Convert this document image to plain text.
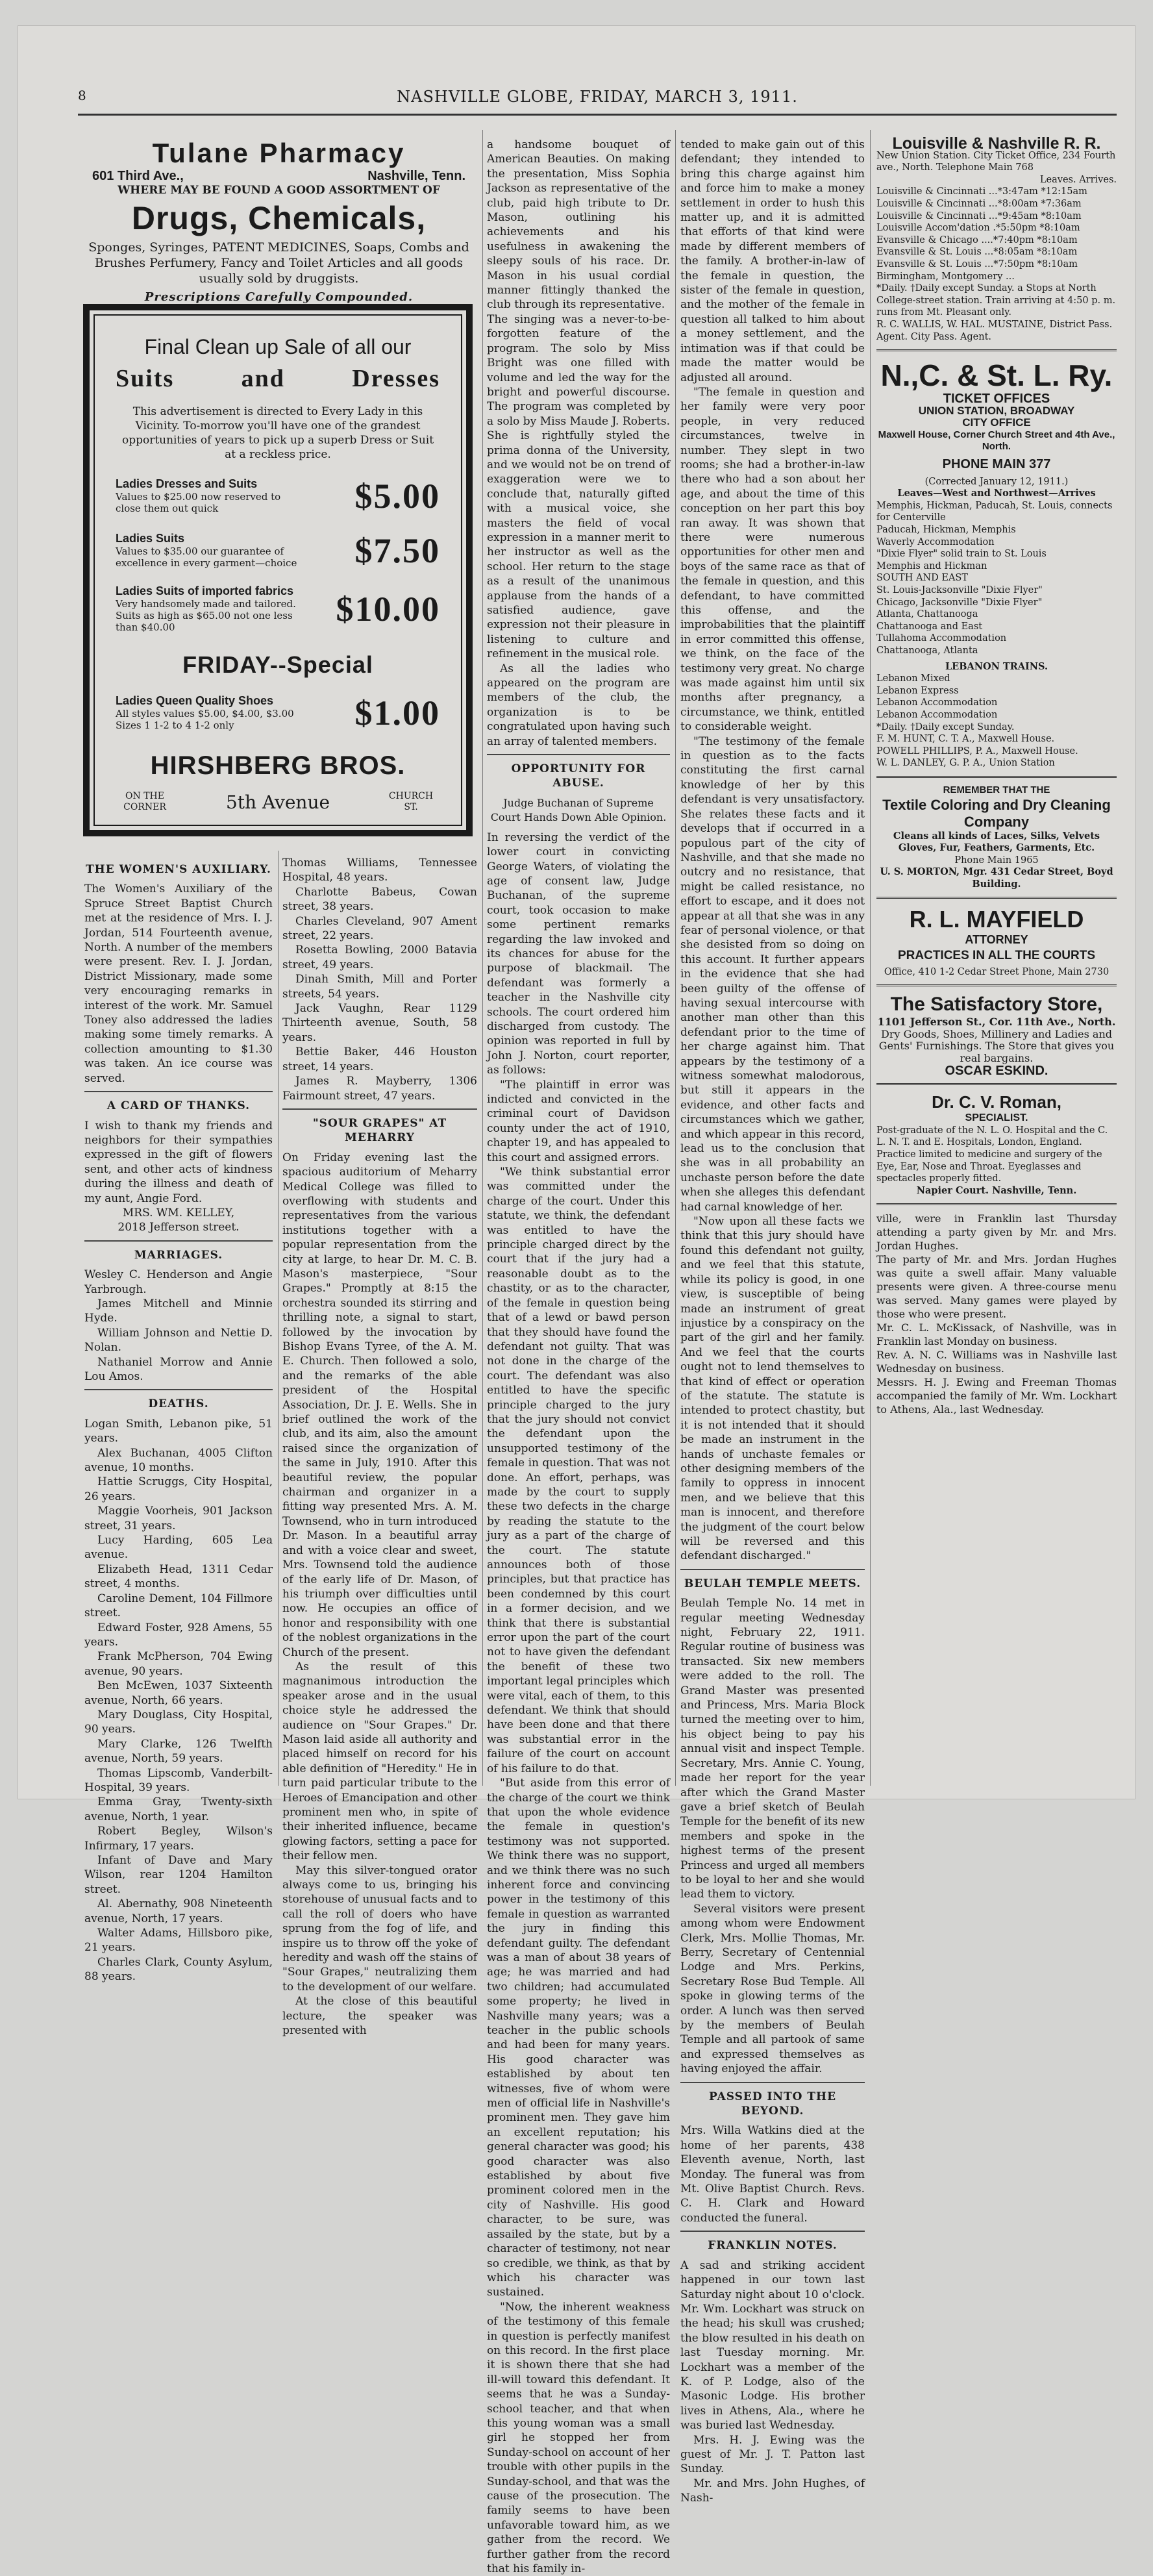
8	NASHVILLE GLOBE, FRIDAY, MARCH 3, 1911.
Tulane Pharmacy
601 Third Ave.,	Nashville, Tenn.
WHERE MAY BE FOUND A GOOD ASSORTMENT OF
Drugs, Chemicals,
Sponges, Syringes, PATENT MEDICINES, Soaps, Combs and Brushes Perfumery, Fancy and Toilet Articles and all goods usually sold by druggists.
Prescriptions Carefully Compounded.
Final Clean up Sale of all our
Suits	and	Dresses
This advertisement is directed to Every Lady in this Vicinity. To-morrow you'll have one of the grandest opportunities of years to pick up a superb Dress or Suit at a reckless price.
Ladies Dresses and Suits
Values to $25.00 now reserved to close them out quick	$5.00
Ladies Suits
Values to $35.00 our guarantee of excellence in every garment—choice $7.50
Ladies Suits of imported fabrics
Very handsomely made and tailored. Suits as high as $65.00 not one less than $40.00	$10.00
FRIDAY--Special
Ladies Queen Quality Shoes
All styles values $5.00, $4.00, $3.00 Sizes 1 1-2 to 4 1-2 only	$1.00
HIRSHBERG BROS.
ON THE CORNER	5th Avenue	CHURCH ST.
THE WOMEN'S AUXILIARY.

The Women's Auxiliary of the Spruce Street Baptist Church met at the residence of Mrs. I. J. Jordan, 514 Fourteenth avenue, North. A number of the members were present. Rev. I. J. Jordan, District Missionary, made some very encouraging remarks in interest of the work. Mr. Samuel Toney also addressed the ladies making some timely remarks. A collection amounting to $1.30 was taken. An ice course was served.

A CARD OF THANKS.

I wish to thank my friends and neighbors for their sympathies expressed in the gift of flowers sent, and other acts of kindness during the illness and death of my aunt, Angie Ford.

MRS. WM. KELLEY,
2018 Jefferson street.
MARRIAGES.

Wesley C. Henderson and Angie Yarbrough.

James Mitchell and Minnie Hyde.

William Johnson and Nettie D. Nolan.

Nathaniel Morrow and Annie Lou Amos.

DEATHS.

Logan Smith, Lebanon pike, 51 years.

Alex Buchanan, 4005 Clifton avenue, 10 months.

Hattie Scruggs, City Hospital, 26 years.

Maggie Voorheis, 901 Jackson street, 31 years.

Lucy Harding, 605 Lea avenue.

Elizabeth Head, 1311 Cedar street, 4 months.

Caroline Dement, 104 Fillmore street.

Edward Foster, 928 Amens, 55 years.

Frank McPherson, 704 Ewing avenue, 90 years.

Ben McEwen, 1037 Sixteenth avenue, North, 66 years.

Mary Douglass, City Hospital, 90 years.

Mary Clarke, 126 Twelfth avenue, North, 59 years.

Thomas Lipscomb, Vanderbilt-Hospital, 39 years.

Emma Gray, Twenty-sixth avenue, North, 1 year.

Robert Begley, Wilson's Infirmary, 17 years.

Infant of Dave and Mary Wilson, rear 1204 Hamilton street.

Al. Abernathy, 908 Nineteenth avenue, North, 17 years.

Walter Adams, Hillsboro pike, 21 years.

Charles Clark, County Asylum, 88 years.

Thomas Williams, Tennessee Hospital, 48 years.

Charlotte Babeus, Cowan street, 38 years.

Charles Cleveland, 907 Ament street, 22 years.

Rosetta Bowling, 2000 Batavia street, 49 years.

Dinah Smith, Mill and Porter streets, 54 years.

Jack Vaughn, Rear 1129 Thirteenth avenue, South, 58 years.

Bettie Baker, 446 Houston street, 14 years.

James R. Mayberry, 1306 Fairmount street, 47 years.

"SOUR GRAPES" AT MEHARRY

On Friday evening last the spacious auditorium of Meharry Medical College was filled to overflowing with students and representatives from the various institutions together with a popular representation from the city at large, to hear Dr. M. C. B. Mason's masterpiece, "Sour Grapes." Promptly at 8:15 the orchestra sounded its stirring and thrilling note, a signal to start, followed by the invocation by Bishop Evans Tyree, of the A. M. E. Church. Then followed a solo, and the remarks of the able president of the Hospital Association, Dr. J. E. Wells. She in brief outlined the work of the club, and its aim, also the amount raised since the organization of the same in July, 1910. After this beautiful review, the popular chairman and organizer in a fitting way presented Mrs. A. M. Townsend, who in turn introduced Dr. Mason. In a beautiful array and with a voice clear and sweet, Mrs. Townsend told the audience of the early life of Dr. Mason, of his triumph over difficulties until now. He occupies an office of honor and responsibility with one of the noblest organizations in the Church of the present.

As the result of this magnanimous introduction the speaker arose and in the usual choice style he addressed the audience on "Sour Grapes." Dr. Mason laid aside all authority and placed himself on record for his able definition of "Heredity." He in turn paid particular tribute to the Heroes of Emancipation and other prominent men who, in spite of their inherited influence, became glowing factors, setting a pace for their fellow men.

May this silver-tongued orator always come to us, bringing his storehouse of unusual facts and to call the roll of doers who have sprung from the fog of life, and inspire us to throw off the yoke of heredity and wash off the stains of "Sour Grapes," neutralizing them to the development of our welfare.

At the close of this beautiful lecture, the speaker was presented with

a handsome bouquet of American Beauties. On making the presentation, Miss Sophia Jackson as representative of the club, paid high tribute to Dr. Mason, outlining his achievements and his usefulness in awakening the sleepy souls of his race. Dr. Mason in his usual cordial manner fittingly thanked the club through its representative.

The singing was a never-to-be-forgotten feature of the program. The solo by Miss Bright was one filled with volume and led the way for the bright and powerful discourse. The program was completed by a solo by Miss Maude J. Roberts. She is rightfully styled the prima donna of the University, and we would not be on trend of exaggeration were we to conclude that, naturally gifted with a musical voice, she masters the field of vocal expression in a manner merit to her instructor as well as the school. Her return to the stage as a result of the unanimous applause from the hands of a satisfied audience, gave expression not their pleasure in listening to culture and refinement in the musical role.

As all the ladies who appeared on the program are members of the club, the organization is to be congratulated upon having such an array of talented members.

OPPORTUNITY FOR ABUSE.
Judge Buchanan of Supreme Court Hands Down Able Opinion.

In reversing the verdict of the lower court in convicting George Waters, of violating the age of consent law, Judge Buchanan, of the supreme court, took occasion to make some pertinent remarks regarding the law invoked and its chances for abuse for the purpose of blackmail. The defendant was formerly a teacher in the Nashville city schools. The court ordered him discharged from custody. The opinion was reported in full by John J. Norton, court reporter, as follows:

"The plaintiff in error was indicted and convicted in the criminal court of Davidson county under the act of 1910, chapter 19, and has appealed to this court and assigned errors.

"We think substantial error was committed under the charge of the court. Under this statute, we think, the defendant was entitled to have the principle charged direct by the court that if the jury had a reasonable doubt as to the chastity, or as to the character, of the female in question being that of a lewd or bawd person that they should have found the defendant not guilty. That was not done in the charge of the court. The defendant was also entitled to have the specific principle charged to the jury that the jury should not convict the defendant upon the unsupported testimony of the female in question. That was not done. An effort, perhaps, was made by the court to supply these two defects in the charge by reading the statute to the jury as a part of the charge of the court. The statute announces both of those principles, but that practice has been condemned by this court in a former decision, and we think that there is substantial error upon the part of the court not to have given the defendant the benefit of these two important legal principles which were vital, each of them, to this defendant. We think that should have been done and that there was substantial error in the failure of the court on account of his failure to do that.

"But aside from this error of the charge of the court we think that upon the whole evidence the female in question's testimony was not supported. We think there was no support, and we think there was no such inherent force and convincing power in the testimony of this female in question as warranted the jury in finding this defendant guilty. The defendant was a man of about 38 years of age; he was married and had two children; had accumulated some property; he lived in Nashville many years; was a teacher in the public schools and had been for many years. His good character was established by about ten witnesses, five of whom were men of official life in Nashville's prominent men. They gave him an excellent reputation; his general character was good; his good character was also established by about five prominent colored men in the city of Nashville. His good character, to be sure, was assailed by the state, but by a character of testimony, not near so credible, we think, as that by which his character was sustained.

"Now, the inherent weakness of the testimony of this female in question is perfectly manifest on this record. In the first place it is shown there that she had ill-will toward this defendant. It seems that he was a Sunday-school teacher, and that when this young woman was a small girl he stopped her from Sunday-school on account of her trouble with other pupils in the Sunday-school, and that was the cause of the prosecution. The family seems to have been unfavorable toward him, as we gather from the record. We further gather from the record that his family in-

tended to make gain out of this defendant; they intended to bring this charge against him and force him to make a money settlement in order to hush this matter up, and it is admitted that efforts of that kind were made by different members of the family. A brother-in-law of the female in question, the sister of the female in question, and the mother of the female in question all talked to him about a money settlement, and the intimation was if that could be made the matter would be adjusted all around.

"The female in question and her family were very poor people, in very reduced circumstances, twelve in number. They slept in two rooms; she had a brother-in-law there who had a son about her age, and about the time of this conception on her part this boy ran away. It was shown that there were numerous opportunities for other men and boys of the same race as that of the female in question, and this defendant, to have committed this offense, and the improbabilities that the plaintiff in error committed this offense, we think, on the face of the testimony very great. No charge was made against him until six months after pregnancy, a circumstance, we think, entitled to considerable weight.

"The testimony of the female in question as to the facts constituting the first carnal knowledge of her by this defendant is very unsatisfactory. She relates these facts and it develops that if occurred in a populous part of the city of Nashville, and that she made no outcry and no resistance, that might be called resistance, no effort to escape, and it does not appear at all that she was in any fear of personal violence, or that she desisted from so doing on this account. It further appears in the evidence that she had been guilty of the offense of having sexual intercourse with another man other than this defendant prior to the time of her charge against him. That appears by the testimony of a witness somewhat malodorous, but still it appears in the evidence, and other facts and circumstances which we gather, and which appear in this record, lead us to the conclusion that she was in all probability an unchaste person before the date when she alleges this defendant had carnal knowledge of her.

"Now upon all these facts we think that this jury should have found this defendant not guilty, and we feel that this statute, while its policy is good, in one view, is susceptible of being made an instrument of great injustice by a conspiracy on the part of the girl and her family. And we feel that the courts ought not to lend themselves to that kind of effect or operation of the statute. The statute is intended to protect chastity, but it is not intended that it should be made an instrument in the hands of unchaste females or other designing members of the family to oppress in innocent men, and we believe that this man is innocent, and therefore the judgment of the court below will be reversed and this defendant discharged."

BEULAH TEMPLE MEETS.

Beulah Temple No. 14 met in regular meeting Wednesday night, February 22, 1911. Regular routine of business was transacted. Six new members were added to the roll. The Grand Master was presented and Princess, Mrs. Maria Block turned the meeting over to him, his object being to pay his annual visit and inspect Temple. Secretary, Mrs. Annie C. Young, made her report for the year after which the Grand Master gave a brief sketch of Beulah Temple for the benefit of its new members and spoke in the highest terms of the present Princess and urged all members to be loyal to her and she would lead them to victory.

Several visitors were present among whom were Endowment Clerk, Mrs. Mollie Thomas, Mr. Berry, Secretary of Centennial Lodge and Mrs. Perkins, Secretary Rose Bud Temple. All spoke in glowing terms of the order. A lunch was then served by the members of Beulah Temple and all partook of same and expressed themselves as having enjoyed the affair.

PASSED INTO THE BEYOND.

Mrs. Willa Watkins died at the home of her parents, 438 Eleventh avenue, North, last Monday. The funeral was from Mt. Olive Baptist Church. Revs. C. H. Clark and Howard conducted the funeral.

FRANKLIN NOTES.

A sad and striking accident happened in our town last Saturday night about 10 o'clock. Mr. Wm. Lockhart was struck on the head; his skull was crushed; the blow resulted in his death on last Tuesday morning. Mr. Lockhart was a member of the K. of P. Lodge, also of the Masonic Lodge. His brother lives in Athens, Ala., where he was buried last Wednesday.

Mrs. H. J. Ewing was the guest of Mr. J. T. Patton last Sunday.

Mr. and Mrs. John Hughes, of Nash-

Louisville & Nashville R. R.

New Union Station. City Ticket Office, 234 Fourth ave., North. Telephone Main 768

Leaves. Arrives.

Louisville & Cincinnati ...*3:47am *12:15am

Louisville & Cincinnati ...*8:00am *7:36am

Louisville & Cincinnati ...*9:45am *8:10am

Louisville Accom'dation .*5:50pm *8:10am

Evansville & Chicago ....*7:40pm *8:10am

Evansville & St. Louis ...*8:05am *8:10am

Evansville & St. Louis ...*7:50pm *8:10am

Birmingham, Montgomery ...

*Daily. †Daily except Sunday. a Stops at North College-street station. Train arriving at 4:50 p. m. runs from Mt. Pleasant only.

R. C. WALLIS, W. HAL. MUSTAINE, District Pass. Agent. City Pass. Agent.

N.,C. & St. L. Ry.
TICKET OFFICES
UNION STATION, BROADWAY
CITY OFFICE
Maxwell House, Corner Church Street and 4th Ave., North.
PHONE MAIN 377

(Corrected January 12, 1911.)

Leaves—West and Northwest—Arrives

Memphis, Hickman, Paducah, St. Louis, connects for Centerville

Paducah, Hickman, Memphis

Waverly Accommodation

"Dixie Flyer" solid train to St. Louis

Memphis and Hickman

SOUTH AND EAST

St. Louis-Jacksonville "Dixie Flyer"

Chicago, Jacksonville "Dixie Flyer"

Atlanta, Chattanooga

Chattanooga and East

Tullahoma Accommodation

Chattanooga, Atlanta

LEBANON TRAINS.

Lebanon Mixed

Lebanon Express

Lebanon Accommodation

Lebanon Accommodation

*Daily. †Daily except Sunday.

F. M. HUNT, C. T. A., Maxwell House.

POWELL PHILLIPS, P. A., Maxwell House.

W. L. DANLEY, G. P. A., Union Station

REMEMBER THAT THE
Textile Coloring and Dry Cleaning Company

Cleans all kinds of Laces, Silks, Velvets Gloves, Fur, Feathers, Garments, Etc.

Phone Main 1965

U. S. MORTON, Mgr. 431 Cedar Street, Boyd Building.

R. L. MAYFIELD
ATTORNEY
PRACTICES IN ALL THE COURTS

Office, 410 1-2 Cedar Street Phone, Main 2730

The Satisfactory Store,

1101 Jefferson St., Cor. 11th Ave., North.

Dry Goods, Shoes, Millinery and Ladies and Gents' Furnishings. The Store that gives you real bargains.

OSCAR ESKIND.
Dr. C. V. Roman,
SPECIALIST.

Post-graduate of the N. L. O. Hospital and the C. L. N. T. and E. Hospitals, London, England. Practice limited to medicine and surgery of the Eye, Ear, Nose and Throat. Eyeglasses and spectacles properly fitted.

Napier Court. Nashville, Tenn.

ville, were in Franklin last Thursday attending a party given by Mr. and Mrs. Jordan Hughes.

The party of Mr. and Mrs. Jordan Hughes was quite a swell affair. Many valuable presents were given. A three-course menu was served. Many games were played by those who were present.

Mr. C. L. McKissack, of Nashville, was in Franklin last Monday on business.

Rev. A. N. C. Williams was in Nashville last Wednesday on business.

Messrs. H. J. Ewing and Freeman Thomas accompanied the family of Mr. Wm. Lockhart to Athens, Ala., last Wednesday.
